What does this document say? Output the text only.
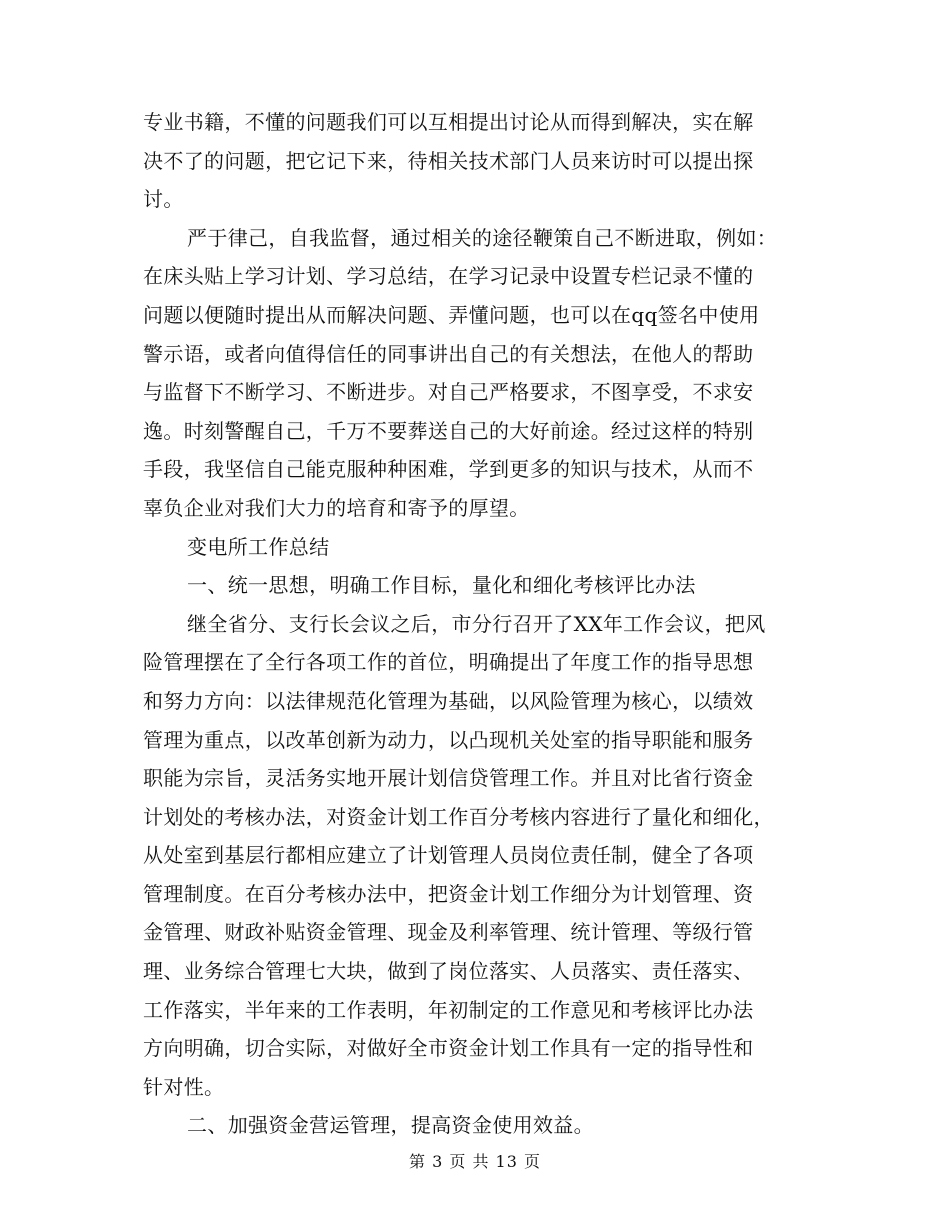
专业书籍，不懂的问题我们可以互相提出讨论从而得到解决，实在解
决不了的问题，把它记下来，待相关技术部门人员来访时可以提出探
讨。
严于律己，自我监督，通过相关的途径鞭策自己不断进取，例如：
在床头贴上学习计划、学习总结，在学习记录中设置专栏记录不懂的
问题以便随时提出从而解决问题、弄懂问题，也可以在qq签名中使用
警示语，或者向值得信任的同事讲出自己的有关想法，在他人的帮助
与监督下不断学习、不断进步。对自己严格要求，不图享受，不求安
逸。时刻警醒自己，千万不要葬送自己的大好前途。经过这样的特别
手段，我坚信自己能克服种种困难，学到更多的知识与技术，从而不
辜负企业对我们大力的培育和寄予的厚望。
变电所工作总结
一、统一思想，明确工作目标，量化和细化考核评比办法
继全省分、支行长会议之后，市分行召开了XX年工作会议，把风
险管理摆在了全行各项工作的首位，明确提出了年度工作的指导思想
和努力方向：以法律规范化管理为基础，以风险管理为核心，以绩效
管理为重点，以改革创新为动力，以凸现机关处室的指导职能和服务
职能为宗旨，灵活务实地开展计划信贷管理工作。并且对比省行资金
计划处的考核办法，对资金计划工作百分考核内容进行了量化和细化，
从处室到基层行都相应建立了计划管理人员岗位责任制，健全了各项
管理制度。在百分考核办法中，把资金计划工作细分为计划管理、资
金管理、财政补贴资金管理、现金及利率管理、统计管理、等级行管
理、业务综合管理七大块，做到了岗位落实、人员落实、责任落实、
工作落实，半年来的工作表明，年初制定的工作意见和考核评比办法
方向明确，切合实际，对做好全市资金计划工作具有一定的指导性和
针对性。
二、加强资金营运管理，提高资金使用效益。
第 3 页 共 13 页
